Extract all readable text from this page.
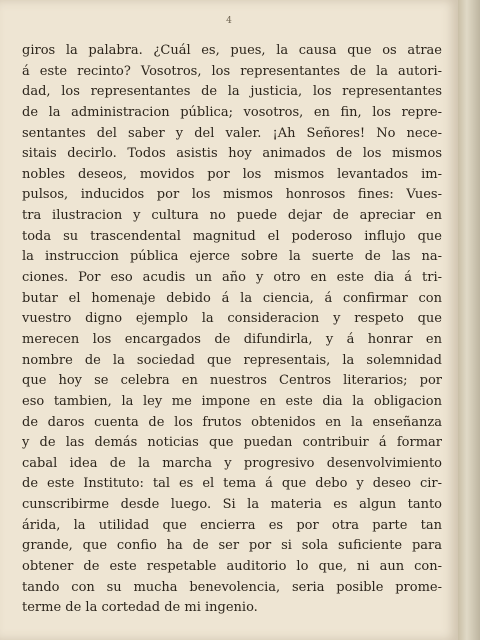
4
giros la palabra. ¿Cuál es, pues, la causa que os atrae
á este recinto? Vosotros, los representantes de la autori-
dad, los representantes de la justicia, los representantes
de la administracion pública; vosotros, en fin, los repre-
sentantes del saber y del valer. ¡Ah Señores! No nece-
sitais decirlo. Todos asistis hoy animados de los mismos
nobles deseos, movidos por los mismos levantados im-
pulsos, inducidos por los mismos honrosos fines: Vues-
tra ilustracion y cultura no puede dejar de apreciar en
toda su trascendental magnitud el poderoso influjo que
la instruccion pública ejerce sobre la suerte de las na-
ciones. Por eso acudis un año y otro en este dia á tri-
butar el homenaje debido á la ciencia, á confirmar con
vuestro digno ejemplo la consideracion y respeto que
merecen los encargados de difundirla, y á honrar en
nombre de la sociedad que representais, la solemnidad
que hoy se celebra en nuestros Centros literarios; por
eso tambien, la ley me impone en este dia la obligacion
de daros cuenta de los frutos obtenidos en la enseñanza
y de las demás noticias que puedan contribuir á formar
cabal idea de la marcha y progresivo desenvolvimiento
de este Instituto: tal es el tema á que debo y deseo cir-
cunscribirme desde luego. Si la materia es algun tanto
árida, la utilidad que encierra es por otra parte tan
grande, que confio ha de ser por si sola suficiente para
obtener de este respetable auditorio lo que, ni aun con-
tando con su mucha benevolencia, seria posible prome-
terme de la cortedad de mi ingenio.
